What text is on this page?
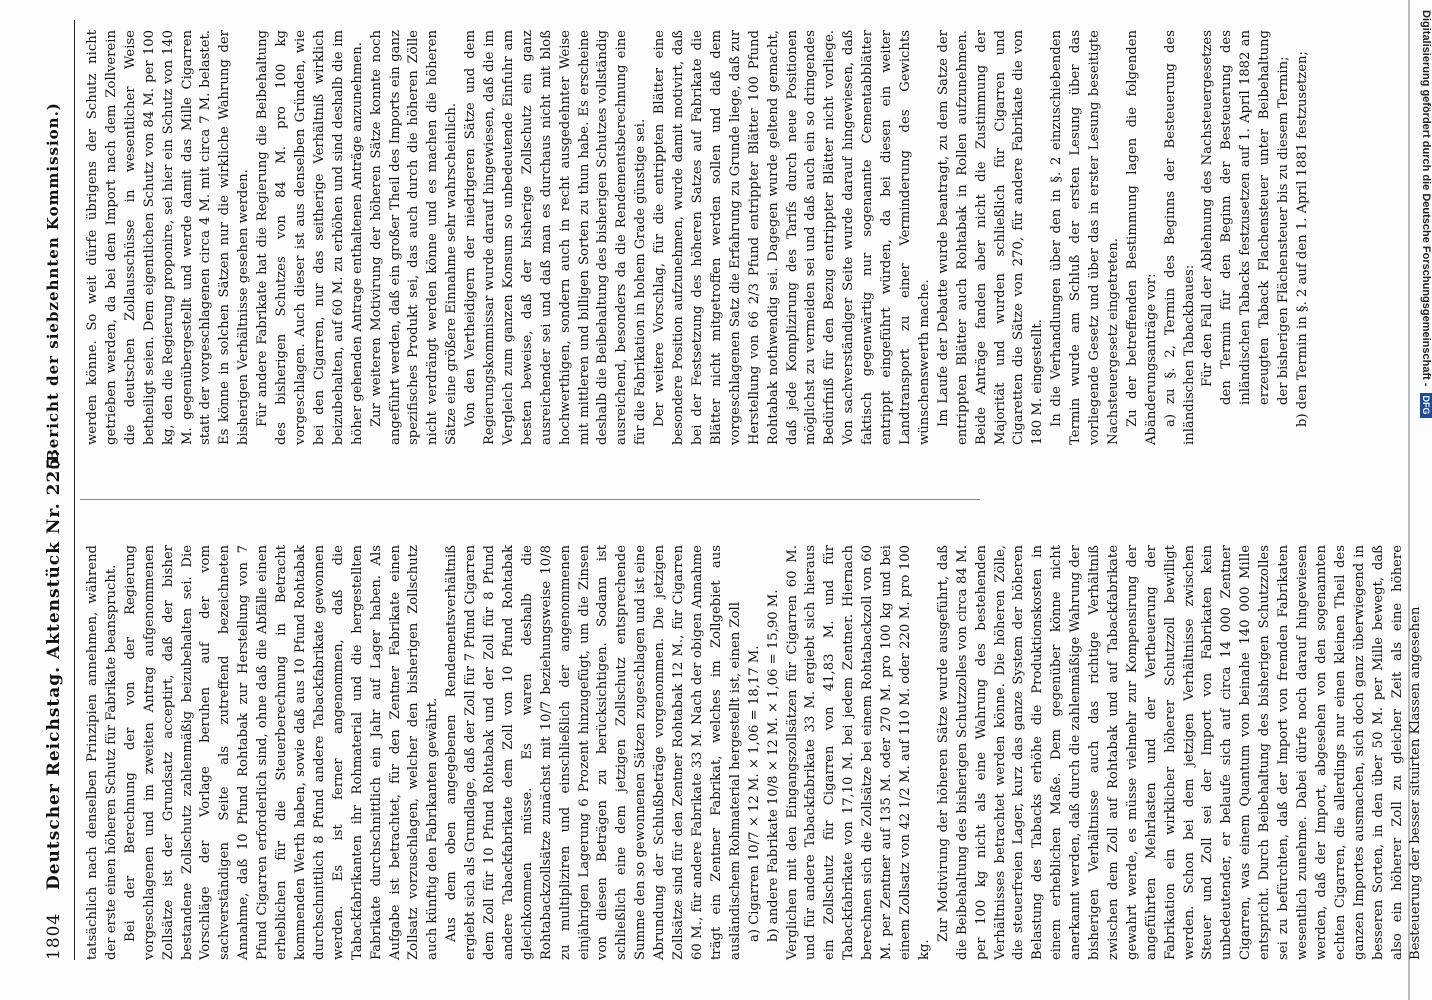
1804
Deutscher Reichstag. Aktenstück Nr. 225.
(Bericht der siebzehnten Kommission.)

tatsächlich nach denselben Prinzipien annehmen, während der erste einen höheren Schutz für Fabrikate beansprucht. Bei der Berechnung der von der Regierung vorgeschlagenen und im zweiten Antrag aufgenommenen Zollsätze ist der Grundsatz acceptirt, daß der bisher bestandene Zollschutz zahlenmäßig beizubehalten sei. Die Vorschläge der Vorlage beruhen auf der vom sachverständigen Seite als zutreffend bezeichneten Annahme, daß 10 Pfund Rohtabak zur Herstellung von 7 Pfund Cigarren erforderlich sind, ohne daß die Abfälle einen erheblichen für die Steuerberechnung in Betracht kommenden Werth haben, sowie daß aus 10 Pfund Rohtabak durchschnittlich 8 Pfund andere Tabackfabrikate gewonnen werden. Es ist ferner angenommen, daß die Tabackfabrikanten ihr Rohmaterial und die hergestellten Fabrikate durchschnittlich ein Jahr auf Lager haben. Als Aufgabe ist betrachtet, für den Zentner Fabrikate einen Zollsatz vorzuschlagen, welcher den bisherigen Zollschutz auch künftig den Fabrikanten gewährt. Aus dem oben angegebenen Rendementsverhältniß ergiebt sich als Grundlage, daß der Zoll für 7 Pfund Cigarren dem Zoll für 10 Pfund Rohtabak und der Zoll für 8 Pfund andere Tabackfabrikate dem Zoll von 10 Pfund Rohtabak gleichkommen müsse. Es waren deshalb die Rohtabackzollsätze zunächst mit 10/7 beziehungsweise 10/8 zu multipliziren und einschließlich der angenommenen einjährigen Lagerung 6 Prozent hinzugefügt, um die Zinsen von diesen Beträgen zu berücksichtigen. Sodann ist schließlich eine dem jetzigen Zollschutz entsprechende Summe den so gewonnenen Sätzen zugeschlagen und ist eine Abrundung der Schlußbeträge vorgenommen. Die jetzigen Zollsätze sind für den Zentner Rohtabak 12 M., für Cigarren 60 M., für andere Fabrikate 33 M. Nach der obigen Annahme trägt ein Zentner Fabrikat, welches im Zollgebiet aus ausländischem Rohmaterial hergestellt ist, einen Zoll a) Cigarren 10/7 × 12 M. × 1,06 = 18,17 M. b) andere Fabrikate 10/8 × 12 M. × 1,06 = 15,90 M. Verglichen mit den Eingangszollsätzen für Cigarren 60 M. und für andere Tabackfabrikate 33 M. ergiebt sich hieraus ein Zollschutz für Cigarren von 41,83 M. und für Tabackfabrikate von 17,10 M. bei jedem Zentner. Hiernach berechnen sich die Zollsätze bei einem Rohtabackzoll von 60 M. per Zentner auf 135 M. oder 270 M. pro 100 kg und bei einem Zollsatz von 42 1/2 M. auf 110 M. oder 220 M. pro 100 kg.

Zur Motivirung der höheren Sätze wurde ausgeführt, daß die Beibehaltung des bisherigen Schutzzolles von circa 84 M. per 100 kg nicht als eine Wahrung des bestehenden Verhältnisses betrachtet werden könne. Die höheren Zölle, die steuerfreien Lager, kurz das ganze System der höheren Belastung des Tabacks erhöhe die Produktionskosten in einem erheblichen Maße. Dem gegenüber könne nicht anerkannt werden, daß durch die zahlenmäßige Wahrung der bisherigen Verhältnisse auch das richtige Verhältniß zwischen dem Zoll auf Rohtabak und auf Tabackfabrikate gewahrt werde, es müsse vielmehr zur Kompensirung der angeführten Mehrlasten und der Vertheuerung der Fabrikation ein wirklicher höherer Schutzzoll bewilligt werden. Schon bei dem jetzigen Verhältnisse zwischen Steuer und Zoll sei der Import von Fabrikaten kein unbedeutender, er belaufe sich auf circa 14 000 Zentner Cigarren, was einem Quantum von beinahe 140 000 Mille entspricht. Durch Beibehaltung des bisherigen Schutzzolles sei zu befürchten, daß der Import von fremden Fabrikaten wesentlich zunehme. Dabei dürfe noch darauf hingewiesen werden, daß der Import, abgesehen von den sogenannten echten Cigarren, die allerdings nur einen kleinen Theil des ganzen Importes ausmachen, sich doch ganz überwiegend in besseren Sorten, in den über 50 M. per Mille bewegt, daß also ein höherer Zoll zu gleicher Zeit als eine höhere Besteuerung der besser situirten Klassen angesehen

werden könne. So weit dürfe übrigens der Schutz nicht getrieben werden, da bei dem Import nach dem Zollverein die deutschen Zollausschüsse in wesentlicher Weise betheiligt seien. Dem eigentlichen Schutz von 84 M. per 100 kg, den die Regierung proponire, sei hier ein Schutz von 140 M. gegenübergestellt und werde damit das Mille Cigarren statt der vorgeschlagenen circa 4 M. mit circa 7 M. belastet. Es könne in solchen Sätzen nur die wirkliche Wahrung der bisherigen Verhältnisse gesehen werden. Für andere Fabrikate hat die Regierung die Beibehaltung des bisherigen Schutzes von 84 M. pro 100 kg vorgeschlagen. Auch dieser ist aus denselben Gründen, wie bei den Cigarren, nur das seitherige Verhältniß wirklich beizubehalten, auf 60 M. zu erhöhen und sind deshalb die im höher gehenden Antrage enthaltenen Anträge anzunehmen. Zur weiteren Motivirung der höheren Sätze konnte noch angeführt werden, daß ein großer Theil des Imports ein ganz spezifisches Produkt sei, das auch durch die höheren Zölle nicht verdrängt werden könne und es machen die höheren Sätze eine größere Einnahme sehr wahrscheinlich. Von den Vertheidigern der niedrigeren Sätze und dem Regierungskommissar wurde darauf hingewiesen, daß die im Vergleich zum ganzen Konsum so unbedeutende Einfuhr am besten beweise, daß der bisherige Zollschutz ein ganz ausreichender sei und daß man es durchaus nicht mit bloß hochwerthigen, sondern auch in recht ausgedehnter Weise mit mittleren und billigen Sorten zu thun habe. Es erscheine deshalb die Beibehaltung des bisherigen Schutzes vollständig ausreichend, besonders da die Rendementsberechnung eine für die Fabrikation in hohem Grade günstige sei. Der weitere Vorschlag, für die entrippten Blätter eine besondere Position aufzunehmen, wurde damit motivirt, daß bei der Festsetzung des höheren Satzes auf Fabrikate die Blätter nicht mitgetroffen werden sollen und daß dem vorgeschlagenen Satz die Erfahrung zu Grunde liege, daß zur Herstellung von 66 2/3 Pfund entrippter Blätter 100 Pfund Rohtabak nothwendig sei. Dagegen wurde geltend gemacht, daß jede Komplizirung des Tarifs durch neue Positionen möglichst zu vermeiden sei und daß auch ein so dringendes Bedürfniß für den Bezug entrippter Blätter nicht vorliege. Von sachverständiger Seite wurde darauf hingewiesen, daß faktisch gegenwärtig nur sogenannte Cementabblätter entrippt eingeführt würden, da bei diesen ein weiter Landtransport zu einer Verminderung des Gewichts wünschenswerth mache. Im Laufe der Debatte wurde beantragt, zu dem Satze der entrippten Blätter auch Rohtabak in Rollen aufzunehmen. Beide Anträge fanden aber nicht die Zustimmung der Majorität und wurden schließlich für Cigarren und Cigaretten die Sätze von 270, für andere Fabrikate die von 180 M. eingestellt. In die Verhandlungen über den in §. 2 einzuschiebenden Termin wurde am Schluß der ersten Lesung über das vorliegende Gesetz und über das in erster Lesung beseitigte Nachsteuergesetz eingetreten. Zu der betreffenden Bestimmung lagen die folgenden Abänderungsanträge vor: a) zu §. 2, Termin des Beginns der Besteuerung des inländischen Tabackbaues: Für den Fall der Ablehnung des Nachsteuergesetzes den Termin für den Beginn der Besteuerung des inländischen Tabacks festzusetzen auf 1. April 1882 an erzeugten Taback Flachensteuer unter Beibehaltung der bisherigen Flächensteuer bis zu diesem Termin; b) den Termin in §. 2 auf den 1. April 1881 festzusetzen;	Digitalisierung gefördert durch die Deutsche Forschungsgemeinschaft -DFG
